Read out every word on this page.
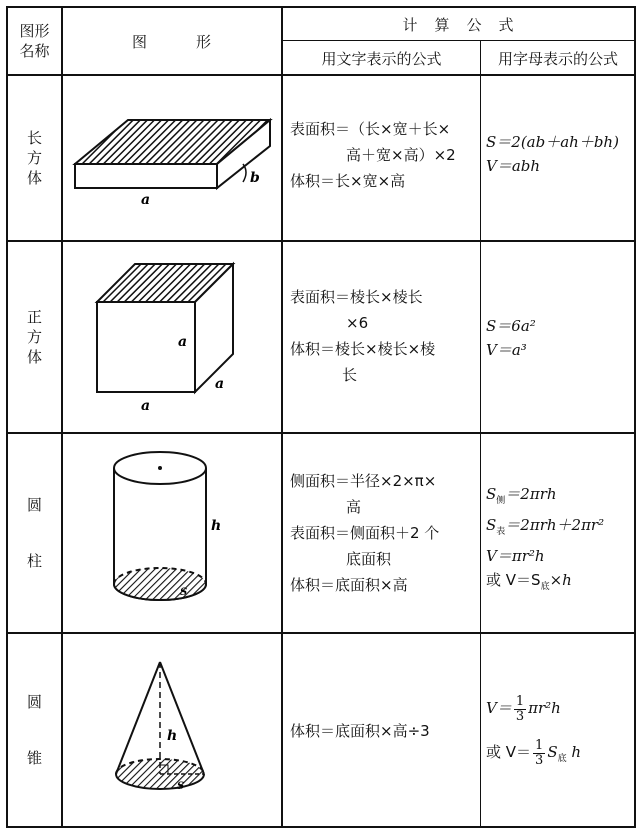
图形名称
图　　　形
计　算　公　式
用文字表示的公式	用字母表示的公式
长方体
a
b
表面积＝（长×宽＋长×
高＋宽×高）×2
体积＝长×宽×高
S＝2(ab＋ah＋bh)
V＝abh
正方体
a
a
a
表面积＝棱长×棱长
×6
体积＝棱长×棱长×棱
长
S＝6a²
V＝a³
圆柱
h
S
侧面积＝半径×2×π×
高
表面积＝侧面积＋2 个
底面积
体积＝底面积×高
$S_侧=2\pi rh$
$S_表=2\pi rh+2\pi r^2$
V＝πr²h
或 $V=S_底\times h$
圆锥
h
S
体积＝底面积×高÷3
$V= \frac{1}{3} \pi r^2h$
或 $V= \frac{1}{3} S_底$ h
